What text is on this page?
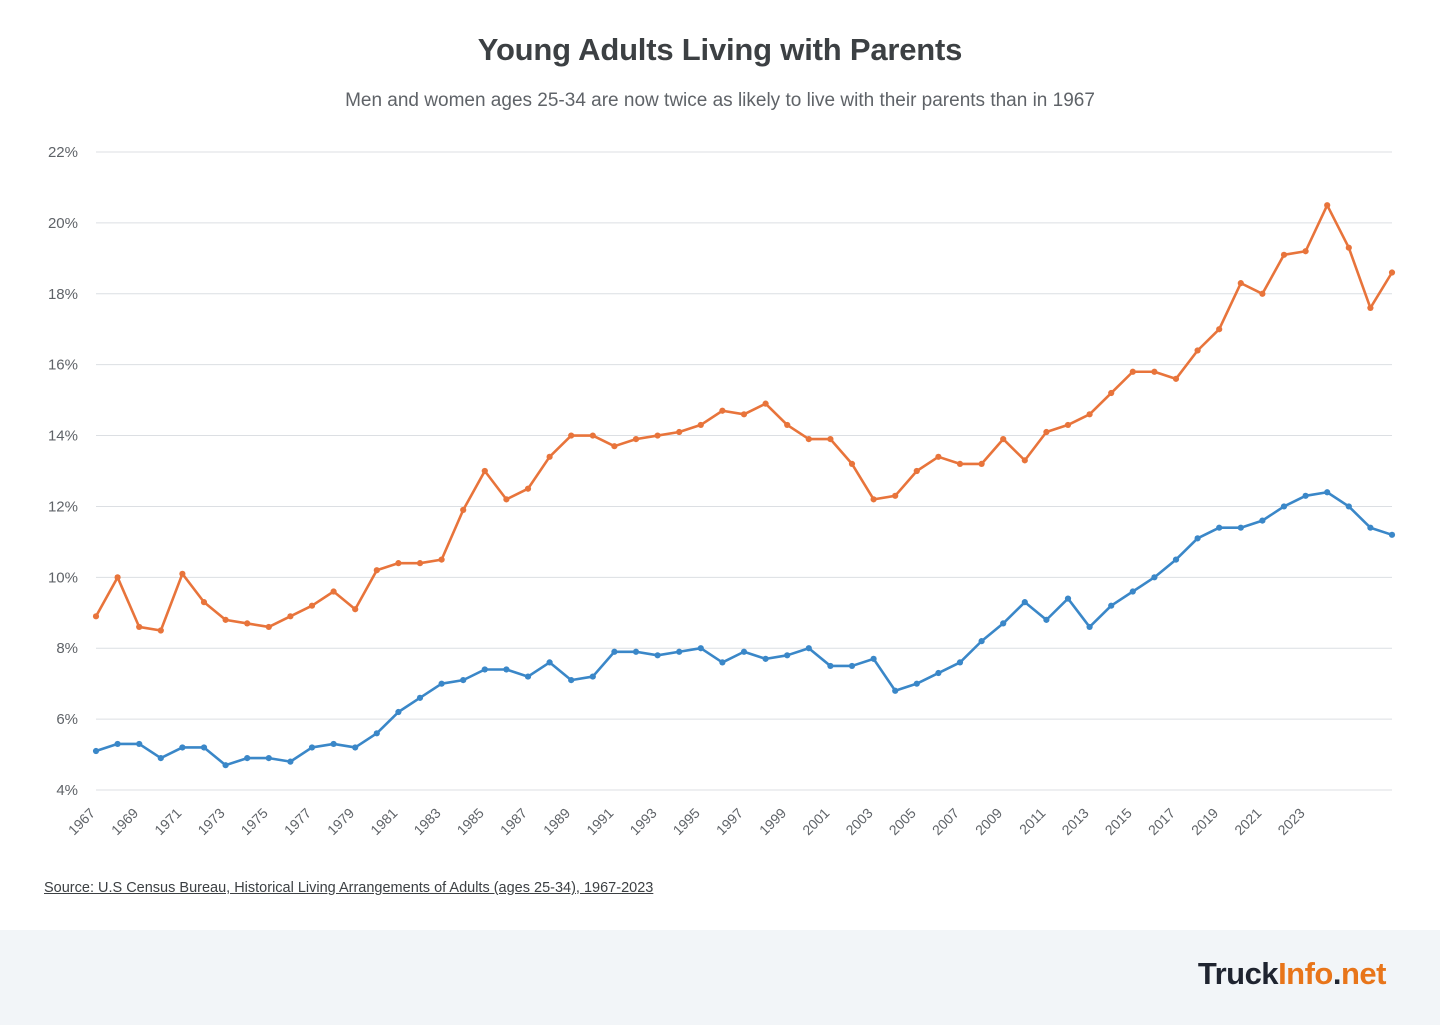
Young Adults Living with Parents

Men and women ages 25-34 are now twice as likely to live with their parents than in 1967

4%
6%
8%
10%
12%
14%
16%
18%
20%
22%
1967 1969 1971 1973 1975 1977 1979 1981 1983 1985 1987 1989 1991 1993 1995 1997 1999 2001 2003 2005 2007 2009 2011 2013 2015 2017 2019 2021 2023
Source: U.S Census Bureau, Historical Living Arrangements of Adults (ages 25-34), 1967-2023
TruckInfo.net
